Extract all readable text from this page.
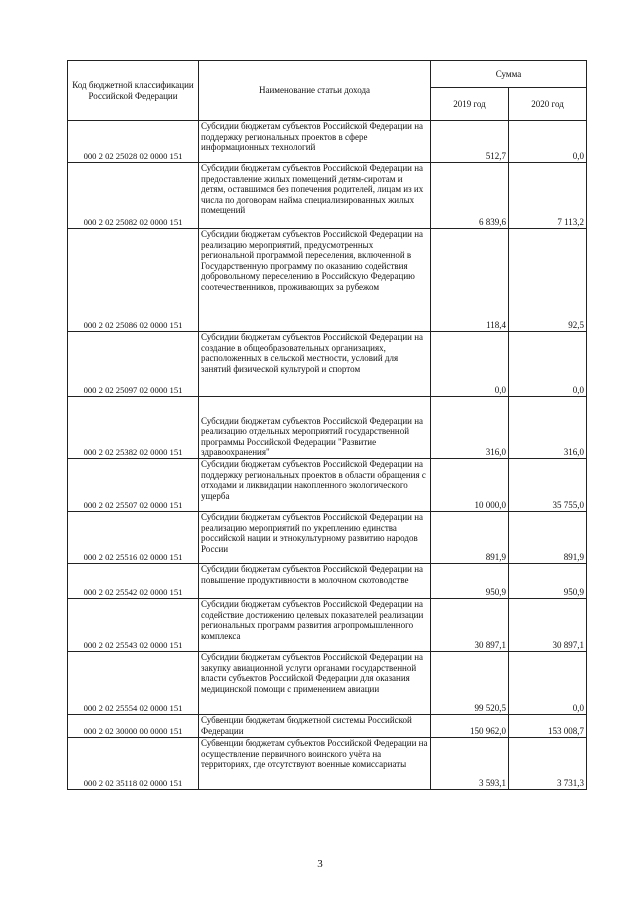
Код бюджетной классификации Российской Федерации	Наименование статьи дохода	Сумма	
		2019 год	2020 год
000 2 02 25028 02 0000 151	Субсидии бюджетам субъектов Российской Федерации на поддержку региональных проектов в сфере информационных технологий	512,7	0,0
000 2 02 25082 02 0000 151	Субсидии бюджетам субъектов Российской Федерации на предоставление жилых помещений детям-сиротам и детям, оставшимся без попечения родителей, лицам из их числа по договорам найма специализированных жилых помещений	6 839,6	7 113,2
000 2 02 25086 02 0000 151	Субсидии бюджетам субъектов Российской Федерации на реализацию мероприятий, предусмотренных региональной программой переселения, включенной в Государственную программу по оказанию содействия добровольному переселению в Российскую Федерацию соотечественников, проживающих за рубежом	118,4	92,5
000 2 02 25097 02 0000 151	Субсидии бюджетам субъектов Российской Федерации на создание в общеобразовательных организациях, расположенных в сельской местности, условий для занятий физической культурой и спортом	0,0	0,0
000 2 02 25382 02 0000 151	Субсидии бюджетам субъектов Российской Федерации на реализацию отдельных мероприятий государственной программы Российской Федерации "Развитие здравоохранения"	316,0	316,0
000 2 02 25507 02 0000 151	Субсидии бюджетам субъектов Российской Федерации на поддержку региональных проектов в области обращения с отходами и ликвидации накопленного экологического ущерба	10 000,0	35 755,0
000 2 02 25516 02 0000 151	Субсидии бюджетам субъектов Российской Федерации на реализацию мероприятий по укреплению единства российской нации и этнокультурному развитию народов России	891,9	891,9
000 2 02 25542 02 0000 151	Субсидии бюджетам субъектов Российской Федерации на повышение продуктивности в молочном скотоводстве	950,9	950,9
000 2 02 25543 02 0000 151	Субсидии бюджетам субъектов Российской Федерации на содействие достижению целевых показателей реализации региональных программ развития агропромышленного комплекса	30 897,1	30 897,1
000 2 02 25554 02 0000 151	Субсидии бюджетам субъектов Российской Федерации на закупку авиационной услуги органами государственной власти субъектов Российской Федерации для оказания медицинской помощи с применением авиации	99 520,5	0,0
000 2 02 30000 00 0000 151	Субвенции бюджетам бюджетной системы Российской Федерации	150 962,0	153 008,7
000 2 02 35118 02 0000 151	Субвенции бюджетам субъектов Российской Федерации на осуществление первичного воинского учёта на территориях, где отсутствуют военные комиссариаты	3 593,1	3 731,3
3
